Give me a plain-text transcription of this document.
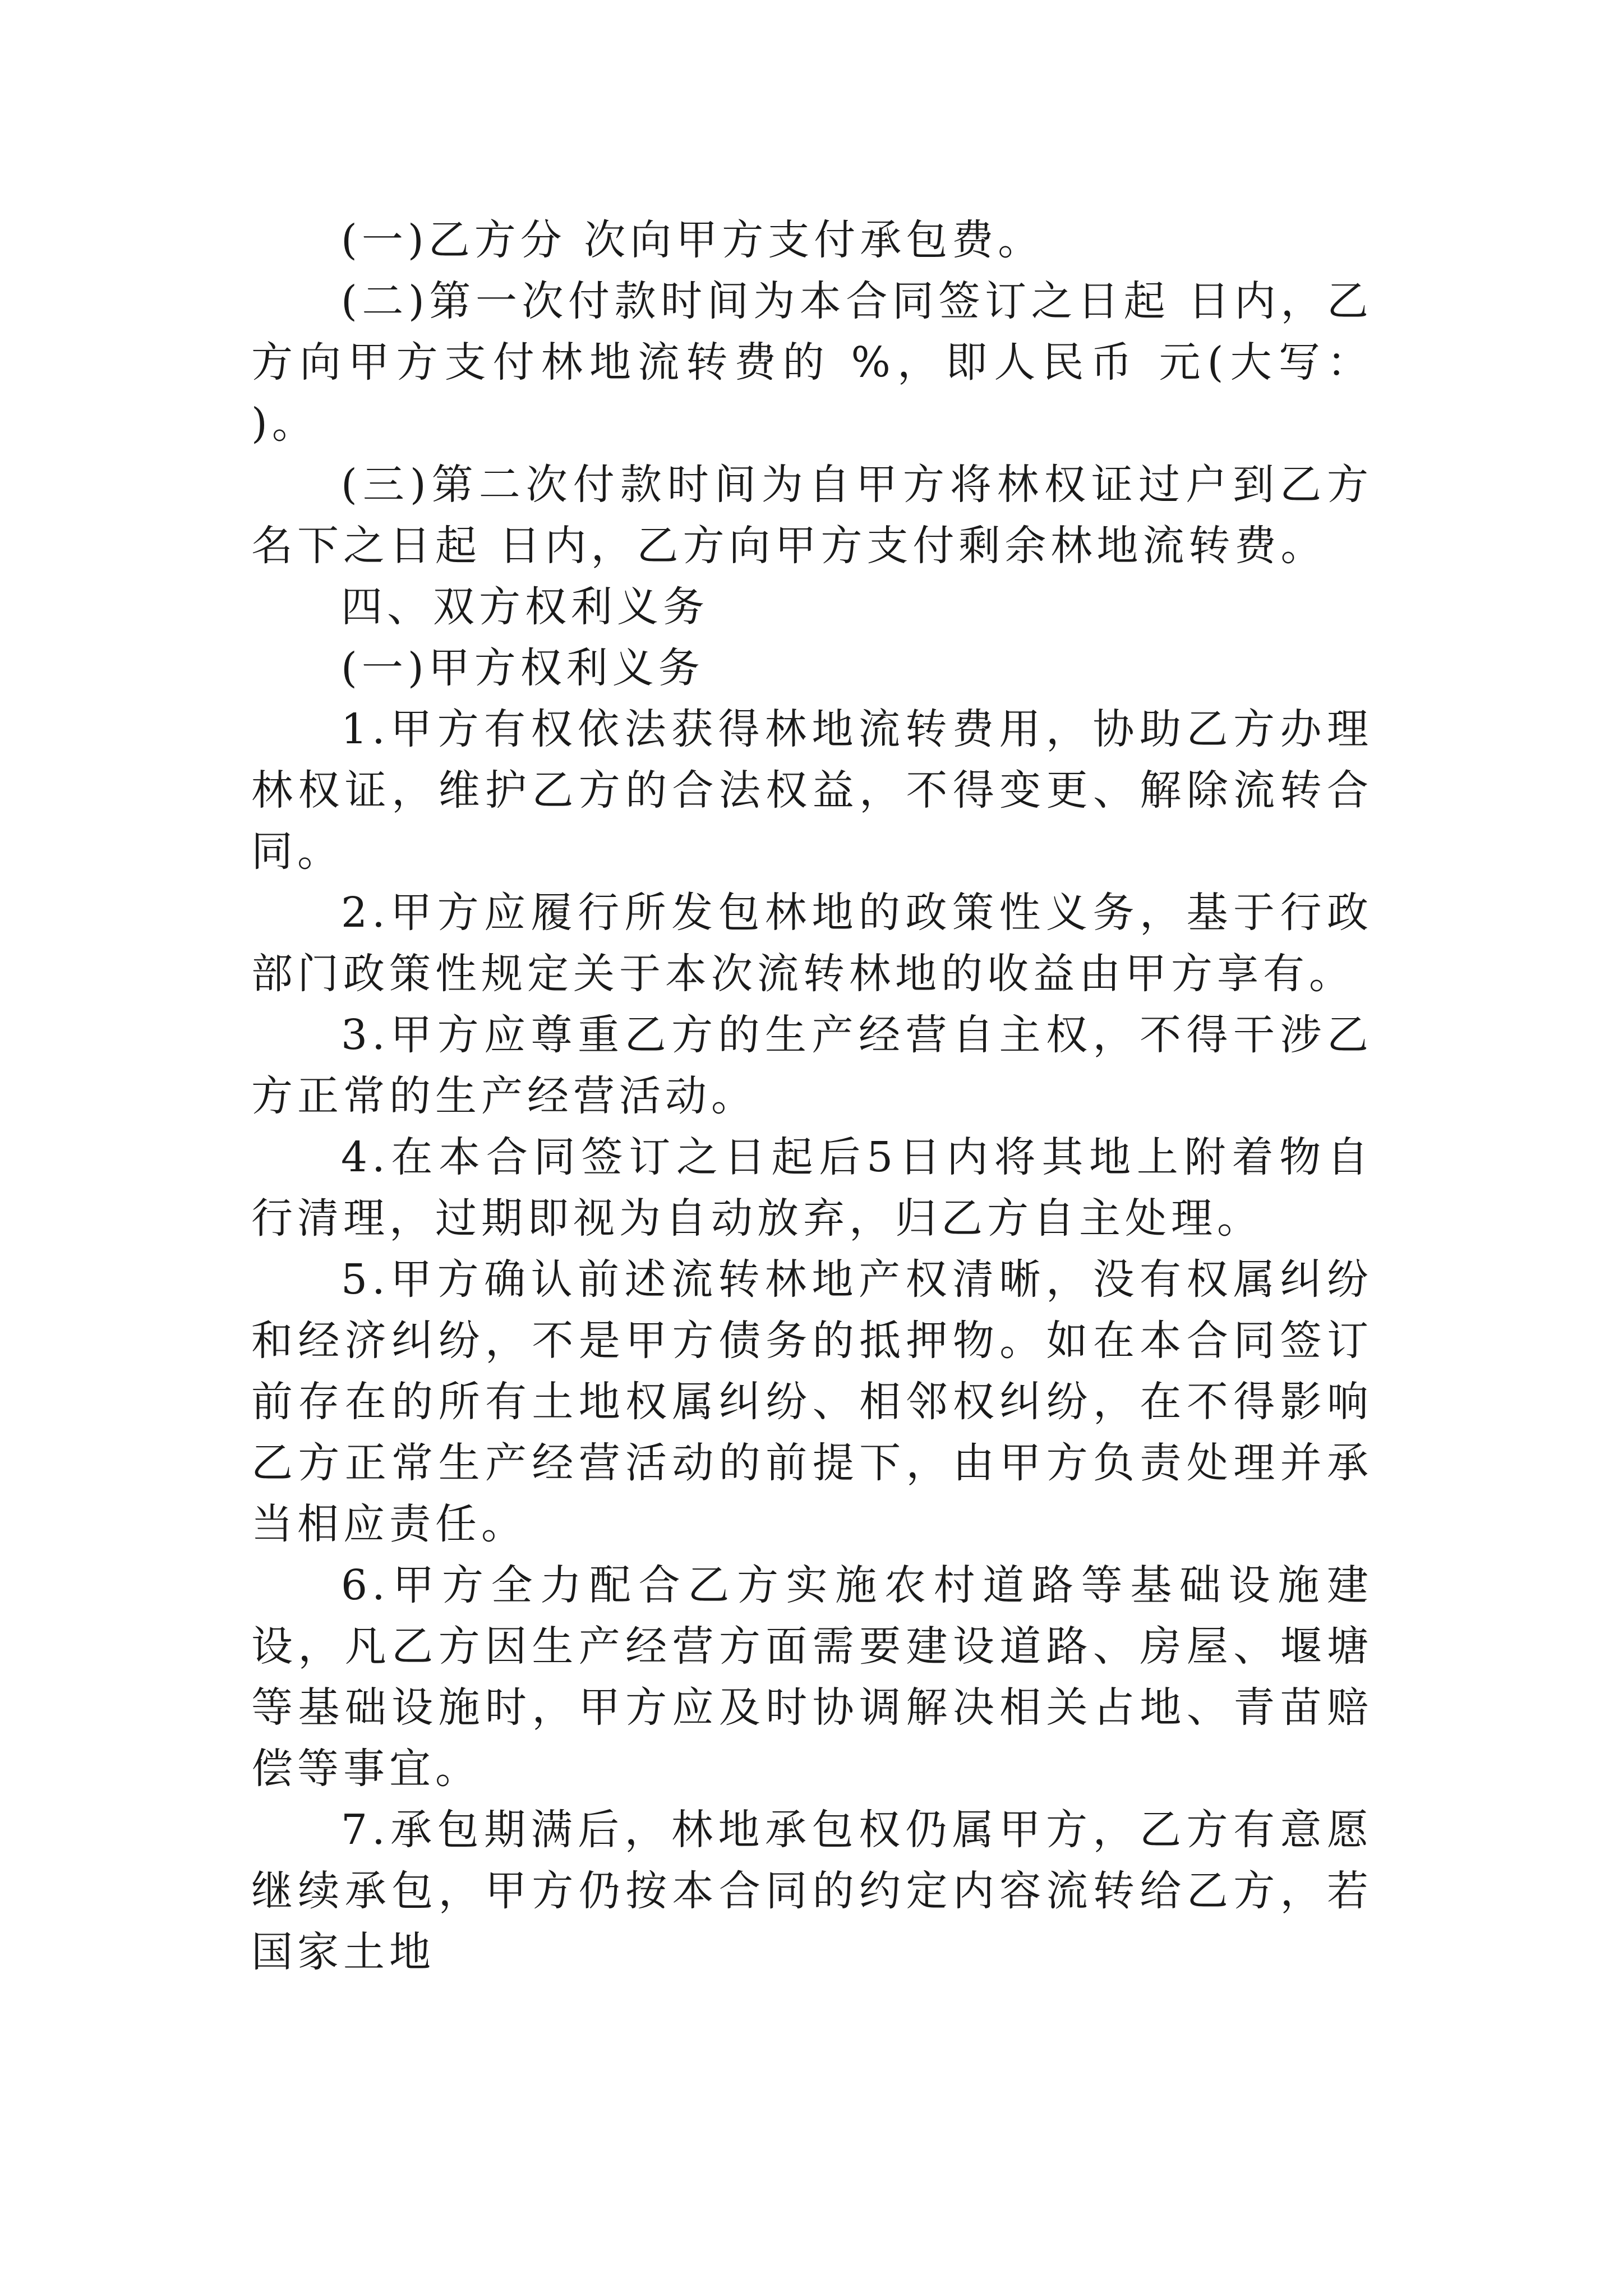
(一)乙方分 次向甲方支付承包费。

(二)第一次付款时间为本合同签订之日起 日内，乙方向甲方支付林地流转费的 %，即人民币 元(大写： )。

(三)第二次付款时间为自甲方将林权证过户到乙方名下之日起 日内，乙方向甲方支付剩余林地流转费。

四、双方权利义务

(一)甲方权利义务

1.甲方有权依法获得林地流转费用，协助乙方办理林权证，维护乙方的合法权益，不得变更、解除流转合同。

2.甲方应履行所发包林地的政策性义务，基于行政部门政策性规定关于本次流转林地的收益由甲方享有。

3.甲方应尊重乙方的生产经营自主权，不得干涉乙方正常的生产经营活动。

4.在本合同签订之日起后5日内将其地上附着物自行清理，过期即视为自动放弃，归乙方自主处理。

5.甲方确认前述流转林地产权清晰，没有权属纠纷和经济纠纷，不是甲方债务的抵押物。如在本合同签订前存在的所有土地权属纠纷、相邻权纠纷，在不得影响乙方正常生产经营活动的前提下，由甲方负责处理并承当相应责任。

6.甲方全力配合乙方实施农村道路等基础设施建设，凡乙方因生产经营方面需要建设道路、房屋、堰塘等基础设施时，甲方应及时协调解决相关占地、青苗赔偿等事宜。

7.承包期满后，林地承包权仍属甲方，乙方有意愿继续承包，甲方仍按本合同的约定内容流转给乙方，若国家土地
